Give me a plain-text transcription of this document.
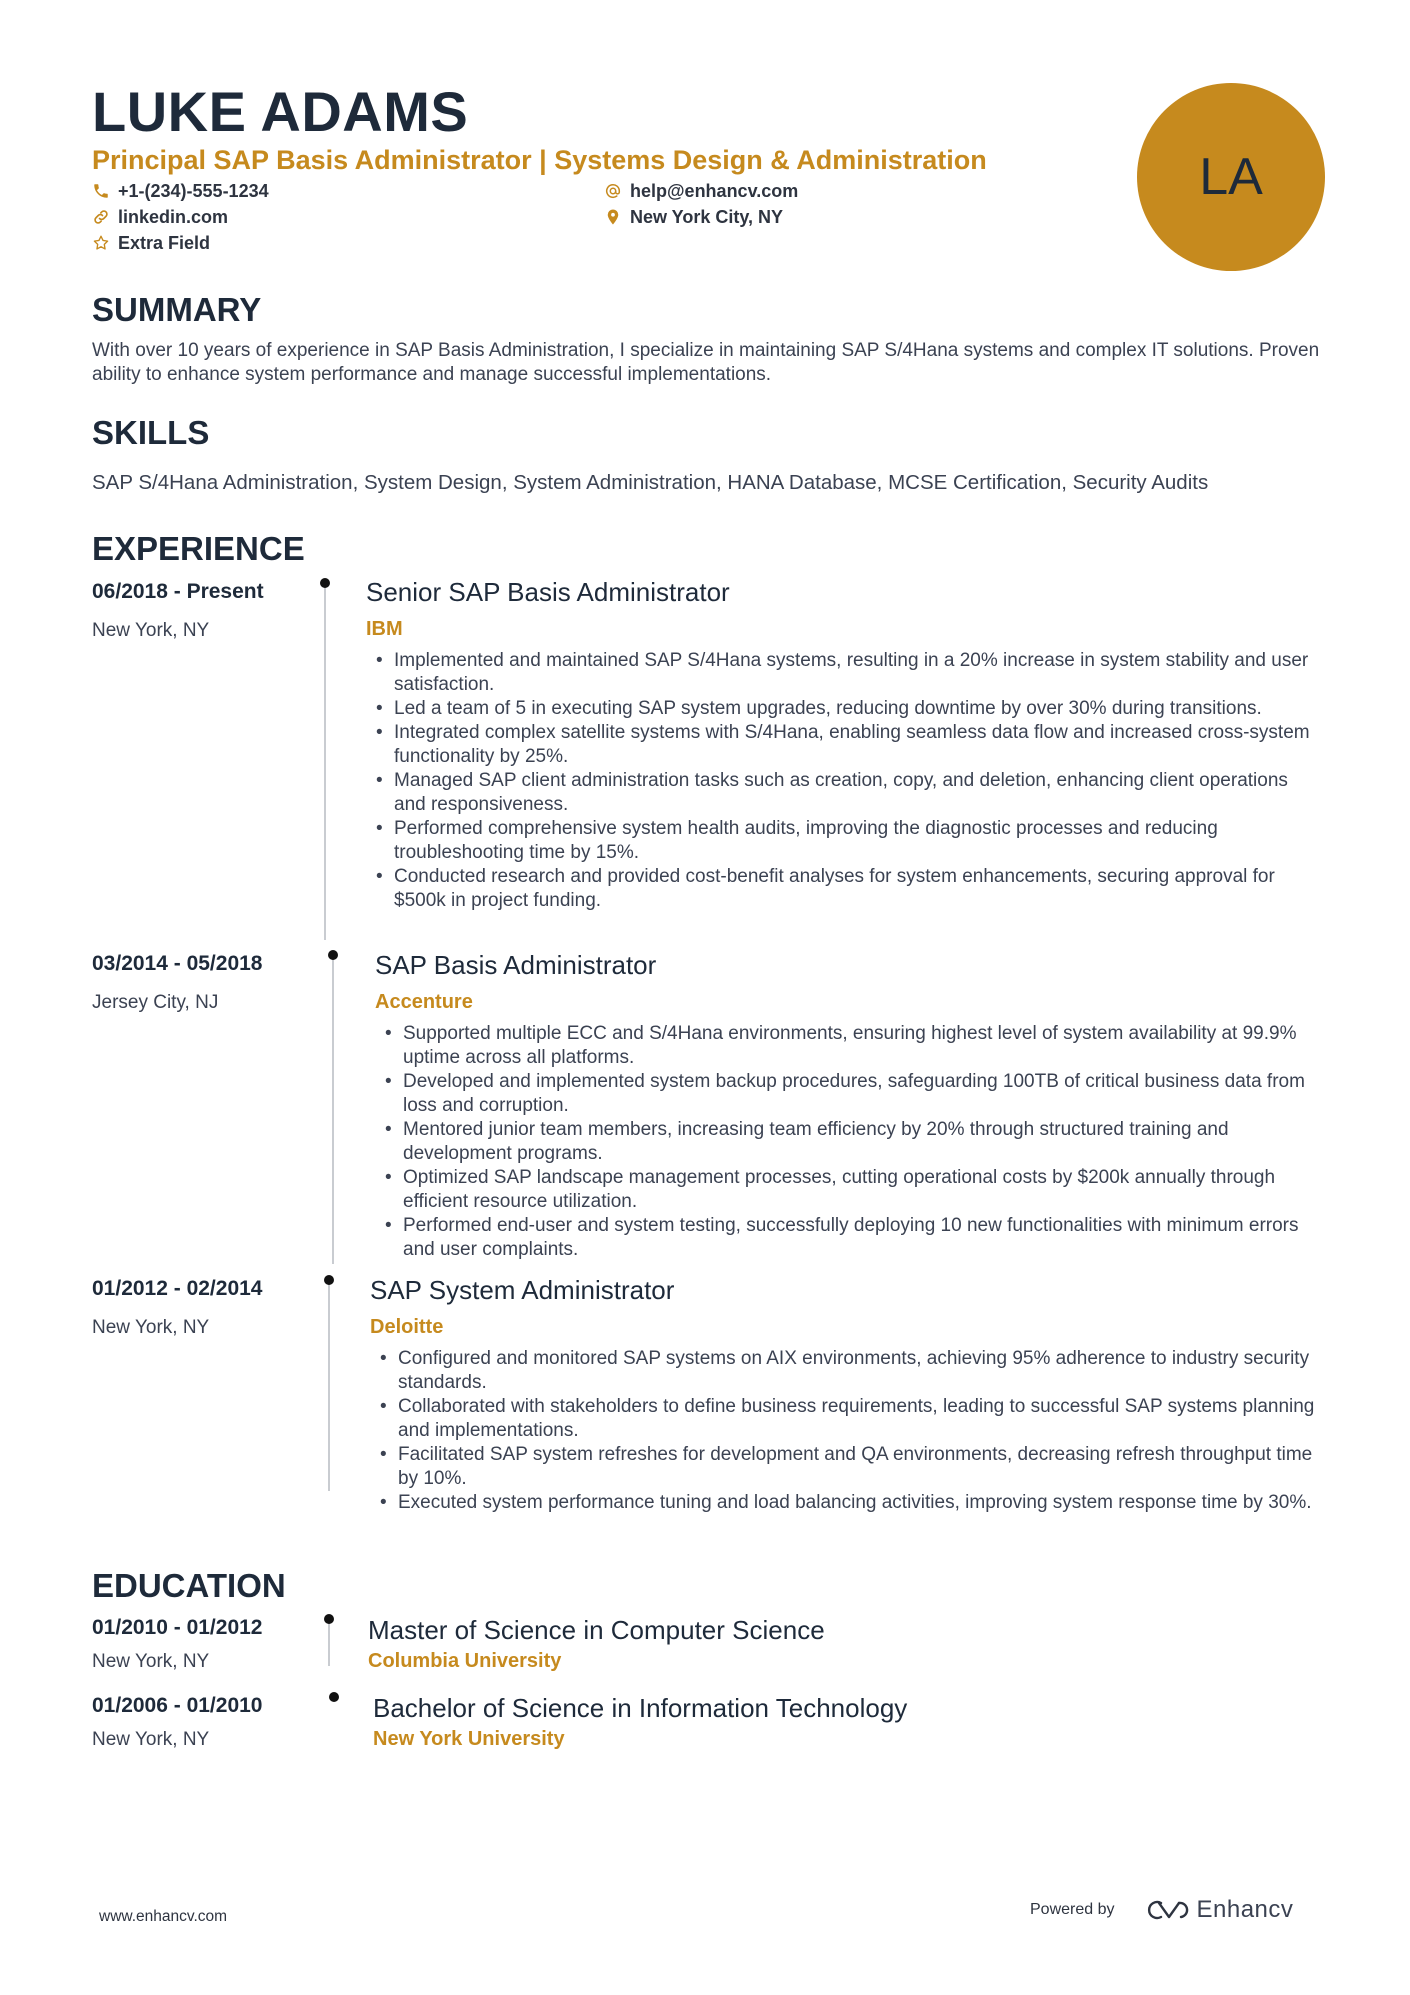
LUKE ADAMS
Principal SAP Basis Administrator | Systems Design & Administration
+1-(234)-555-1234
linkedin.com
Extra Field
help@enhancv.com
New York City, NY
LA
SUMMARY

With over 10 years of experience in SAP Basis Administration, I specialize in maintaining SAP S/4Hana systems and complex IT solutions. Proven ability to enhance system performance and manage successful implementations.

SKILLS

SAP S/4Hana Administration, System Design, System Administration, HANA Database, MCSE Certification, Security Audits

EXPERIENCE
06/2018 - Present
New York, NY
Senior SAP Basis Administrator
IBM
• Implemented and maintained SAP S/4Hana systems, resulting in a 20% increase in system stability and user satisfaction.
• Led a team of 5 in executing SAP system upgrades, reducing downtime by over 30% during transitions.
• Integrated complex satellite systems with S/4Hana, enabling seamless data flow and increased cross-system functionality by 25%.
• Managed SAP client administration tasks such as creation, copy, and deletion, enhancing client operations and responsiveness.
• Performed comprehensive system health audits, improving the diagnostic processes and reducing troubleshooting time by 15%.
• Conducted research and provided cost-benefit analyses for system enhancements, securing approval for $500k in project funding.
03/2014 - 05/2018
Jersey City, NJ
SAP Basis Administrator
Accenture
• Supported multiple ECC and S/4Hana environments, ensuring highest level of system availability at 99.9% uptime across all platforms.
• Developed and implemented system backup procedures, safeguarding 100TB of critical business data from loss and corruption.
• Mentored junior team members, increasing team efficiency by 20% through structured training and development programs.
• Optimized SAP landscape management processes, cutting operational costs by $200k annually through efficient resource utilization.
• Performed end-user and system testing, successfully deploying 10 new functionalities with minimum errors and user complaints.
01/2012 - 02/2014
New York, NY
SAP System Administrator
Deloitte
• Configured and monitored SAP systems on AIX environments, achieving 95% adherence to industry security standards.
• Collaborated with stakeholders to define business requirements, leading to successful SAP systems planning and implementations.
• Facilitated SAP system refreshes for development and QA environments, decreasing refresh throughput time by 10%.
• Executed system performance tuning and load balancing activities, improving system response time by 30%.
EDUCATION
01/2010 - 01/2012
New York, NY
Master of Science in Computer Science
Columbia University
01/2006 - 01/2010
New York, NY
Bachelor of Science in Information Technology
New York University
www.enhancv.com	Powered by	Enhancv
